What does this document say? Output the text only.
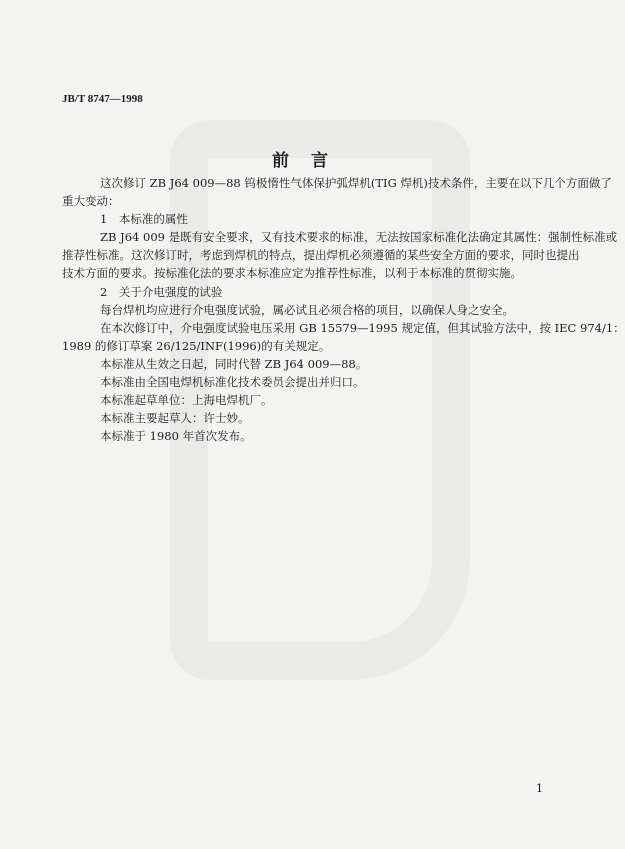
JB/T 8747—1998
前言
这次修订 ZB J64 009—88 钨极惰性气体保护弧焊机(TIG 焊机)技术条件，主要在以下几个方面做了
重大变动：
1　本标准的属性
ZB J64 009 是既有安全要求，又有技术要求的标准，无法按国家标准化法确定其属性：强制性标准或
推荐性标准。这次修订时，考虑到焊机的特点，提出焊机必须遵循的某些安全方面的要求，同时也提出
技术方面的要求。按标准化法的要求本标准应定为推荐性标准，以利于本标准的贯彻实施。
2　关于介电强度的试验
每台焊机均应进行介电强度试验，属必试且必须合格的项目，以确保人身之安全。
在本次修订中，介电强度试验电压采用 GB 15579—1995 规定值，但其试验方法中，按 IEC 974/1：
1989 的修订草案 26/125/INF(1996)的有关规定。
本标准从生效之日起，同时代替 ZB J64 009—88。
本标准由全国电焊机标准化技术委员会提出并归口。
本标准起草单位：上海电焊机厂。
本标准主要起草人：许士妙。
本标准于 1980 年首次发布。
1
